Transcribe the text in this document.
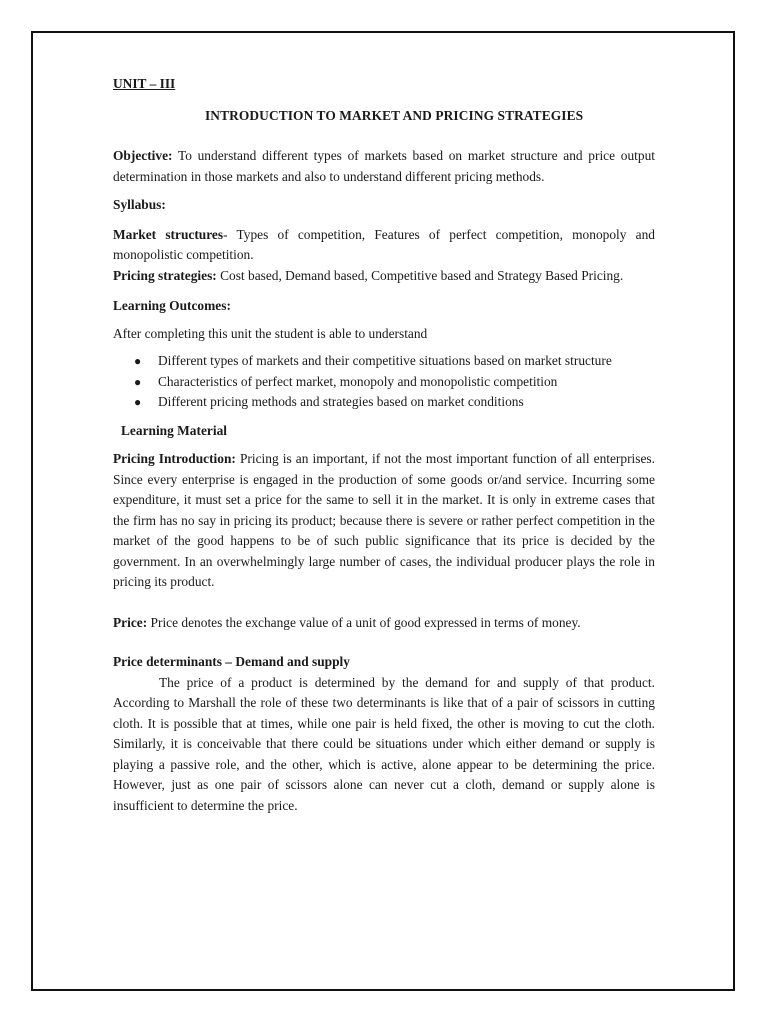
UNIT – III

INTRODUCTION TO MARKET AND PRICING STRATEGIES

Objective: To understand different types of markets based on market structure and price output determination in those markets and also to understand different pricing methods.

Syllabus:

Market structures- Types of competition, Features of perfect competition, monopoly and monopolistic competition.

Pricing strategies: Cost based, Demand based, Competitive based and Strategy Based Pricing.

Learning Outcomes:

After completing this unit the student is able to understand

● Different types of markets and their competitive situations based on market structure
● Characteristics of perfect market, monopoly and monopolistic competition
● Different pricing methods and strategies based on market conditions

Learning Material

Pricing Introduction: Pricing is an important, if not the most important function of all enterprises. Since every enterprise is engaged in the production of some goods or/and service. Incurring some expenditure, it must set a price for the same to sell it in the market. It is only in extreme cases that the firm has no say in pricing its product; because there is severe or rather perfect competition in the market of the good happens to be of such public significance that its price is decided by the government. In an overwhelmingly large number of cases, the individual producer plays the role in pricing its product.

Price: Price denotes the exchange value of a unit of good expressed in terms of money.

Price determinants – Demand and supply

The price of a product is determined by the demand for and supply of that product. According to Marshall the role of these two determinants is like that of a pair of scissors in cutting cloth. It is possible that at times, while one pair is held fixed, the other is moving to cut the cloth. Similarly, it is conceivable that there could be situations under which either demand or supply is playing a passive role, and the other, which is active, alone appear to be determining the price. However, just as one pair of scissors alone can never cut a cloth, demand or supply alone is insufficient to determine the price.
